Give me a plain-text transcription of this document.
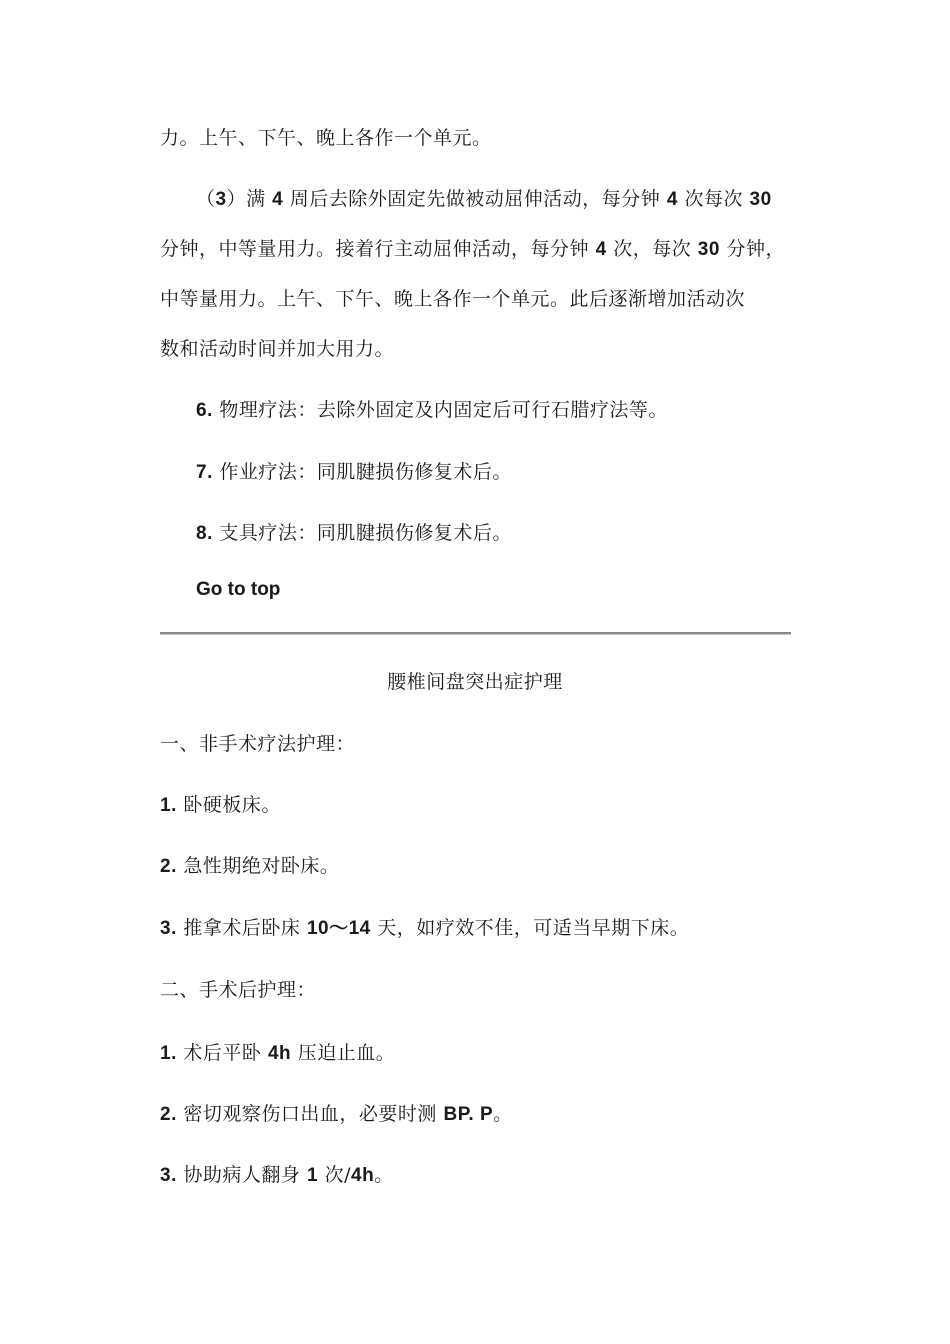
力。上午、下午、晚上各作一个单元。
（3）满 4 周后去除外固定先做被动屈伸活动，每分钟 4 次每次 30
分钟，中等量用力。接着行主动屈伸活动，每分钟 4 次，每次 30 分钟，
中等量用力。上午、下午、晚上各作一个单元。此后逐渐增加活动次
数和活动时间并加大用力。
6. 物理疗法：去除外固定及内固定后可行石腊疗法等。
7. 作业疗法：同肌腱损伤修复术后。
8. 支具疗法：同肌腱损伤修复术后。
Go to top
腰椎间盘突出症护理
一、非手术疗法护理：
1. 卧硬板床。
2. 急性期绝对卧床。
3. 推拿术后卧床 10～14 天，如疗效不佳，可适当早期下床。
二、手术后护理：
1. 术后平卧 4h 压迫止血。
2. 密切观察伤口出血，必要时测 BP. P。
3. 协助病人翻身 1 次/4h。
